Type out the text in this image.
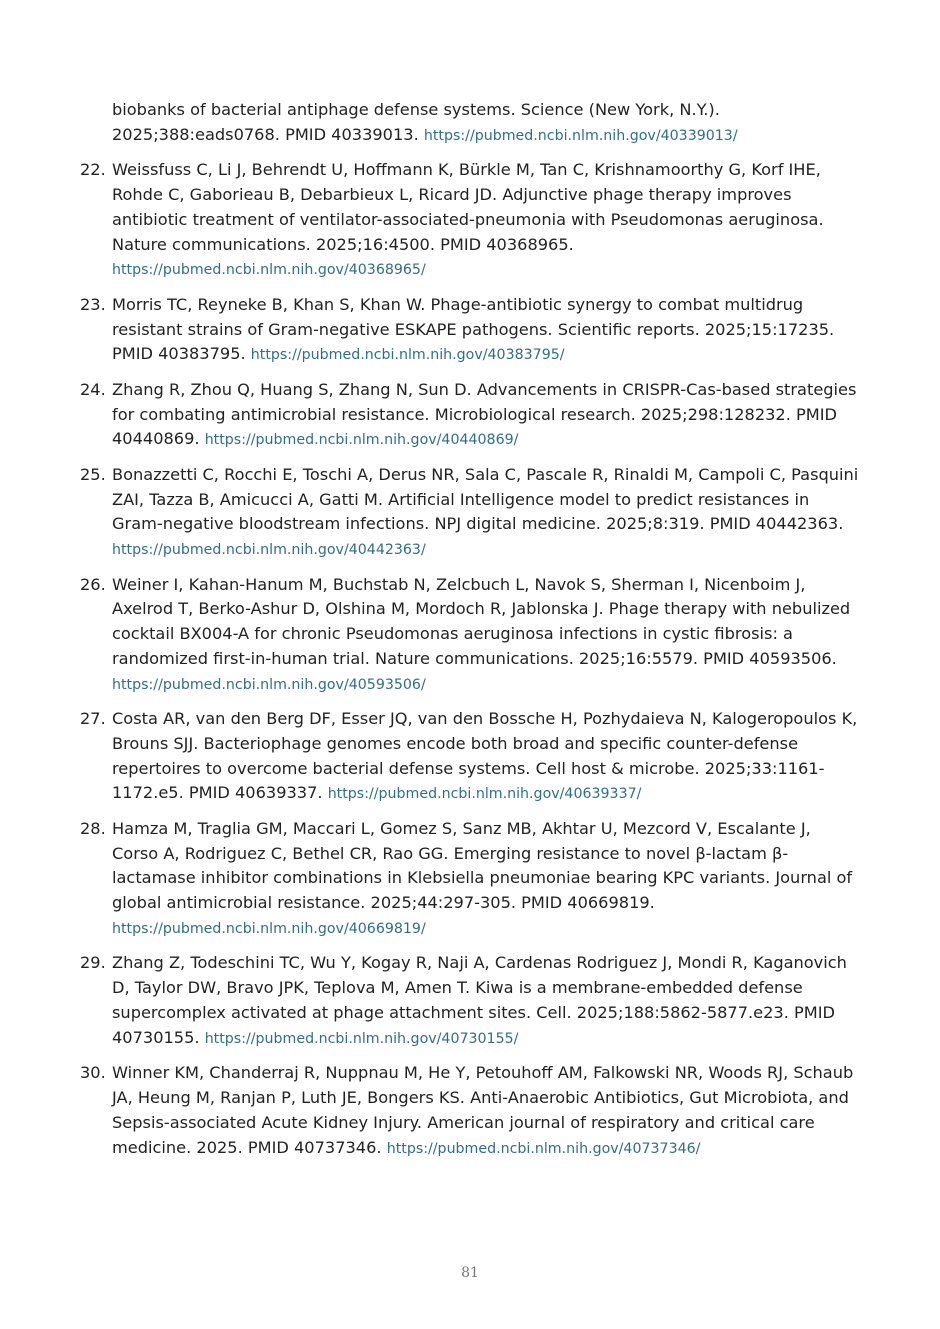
biobanks of bacterial antiphage defense systems. Science (New York, N.Y.). 2025;388:eads0768. PMID 40339013. https://pubmed.ncbi.nlm.nih.gov/40339013/
22. Weissfuss C, Li J, Behrendt U, Hoffmann K, Bürkle M, Tan C, Krishnamoorthy G, Korf IHE, Rohde C, Gaborieau B, Debarbieux L, Ricard JD. Adjunctive phage therapy improves antibiotic treatment of ventilator-associated-pneumonia with Pseudomonas aeruginosa. Nature communications. 2025;16:4500. PMID 40368965. https://pubmed.ncbi.nlm.nih.gov/40368965/
23. Morris TC, Reyneke B, Khan S, Khan W. Phage-antibiotic synergy to combat multidrug resistant strains of Gram-negative ESKAPE pathogens. Scientific reports. 2025;15:17235. PMID 40383795. https://pubmed.ncbi.nlm.nih.gov/40383795/
24. Zhang R, Zhou Q, Huang S, Zhang N, Sun D. Advancements in CRISPR-Cas-based strategies for combating antimicrobial resistance. Microbiological research. 2025;298:128232. PMID 40440869. https://pubmed.ncbi.nlm.nih.gov/40440869/
25. Bonazzetti C, Rocchi E, Toschi A, Derus NR, Sala C, Pascale R, Rinaldi M, Campoli C, Pasquini ZAI, Tazza B, Amicucci A, Gatti M. Artificial Intelligence model to predict resistances in Gram-negative bloodstream infections. NPJ digital medicine. 2025;8:319. PMID 40442363. https://pubmed.ncbi.nlm.nih.gov/40442363/
26. Weiner I, Kahan-Hanum M, Buchstab N, Zelcbuch L, Navok S, Sherman I, Nicenboim J, Axelrod T, Berko-Ashur D, Olshina M, Mordoch R, Jablonska J. Phage therapy with nebulized cocktail BX004-A for chronic Pseudomonas aeruginosa infections in cystic fibrosis: a randomized first-in-human trial. Nature communications. 2025;16:5579. PMID 40593506. https://pubmed.ncbi.nlm.nih.gov/40593506/
27. Costa AR, van den Berg DF, Esser JQ, van den Bossche H, Pozhydaieva N, Kalogeropoulos K, Brouns SJJ. Bacteriophage genomes encode both broad and specific counter-defense repertoires to overcome bacterial defense systems. Cell host & microbe. 2025;33:1161-1172.e5. PMID 40639337. https://pubmed.ncbi.nlm.nih.gov/40639337/
28. Hamza M, Traglia GM, Maccari L, Gomez S, Sanz MB, Akhtar U, Mezcord V, Escalante J, Corso A, Rodriguez C, Bethel CR, Rao GG. Emerging resistance to novel β-lactam β-lactamase inhibitor combinations in Klebsiella pneumoniae bearing KPC variants. Journal of global antimicrobial resistance. 2025;44:297-305. PMID 40669819. https://pubmed.ncbi.nlm.nih.gov/40669819/
29. Zhang Z, Todeschini TC, Wu Y, Kogay R, Naji A, Cardenas Rodriguez J, Mondi R, Kaganovich D, Taylor DW, Bravo JPK, Teplova M, Amen T. Kiwa is a membrane-embedded defense supercomplex activated at phage attachment sites. Cell. 2025;188:5862-5877.e23. PMID 40730155. https://pubmed.ncbi.nlm.nih.gov/40730155/
30. Winner KM, Chanderraj R, Nuppnau M, He Y, Petouhoff AM, Falkowski NR, Woods RJ, Schaub JA, Heung M, Ranjan P, Luth JE, Bongers KS. Anti-Anaerobic Antibiotics, Gut Microbiota, and Sepsis-associated Acute Kidney Injury. American journal of respiratory and critical care medicine. 2025. PMID 40737346. https://pubmed.ncbi.nlm.nih.gov/40737346/
81
